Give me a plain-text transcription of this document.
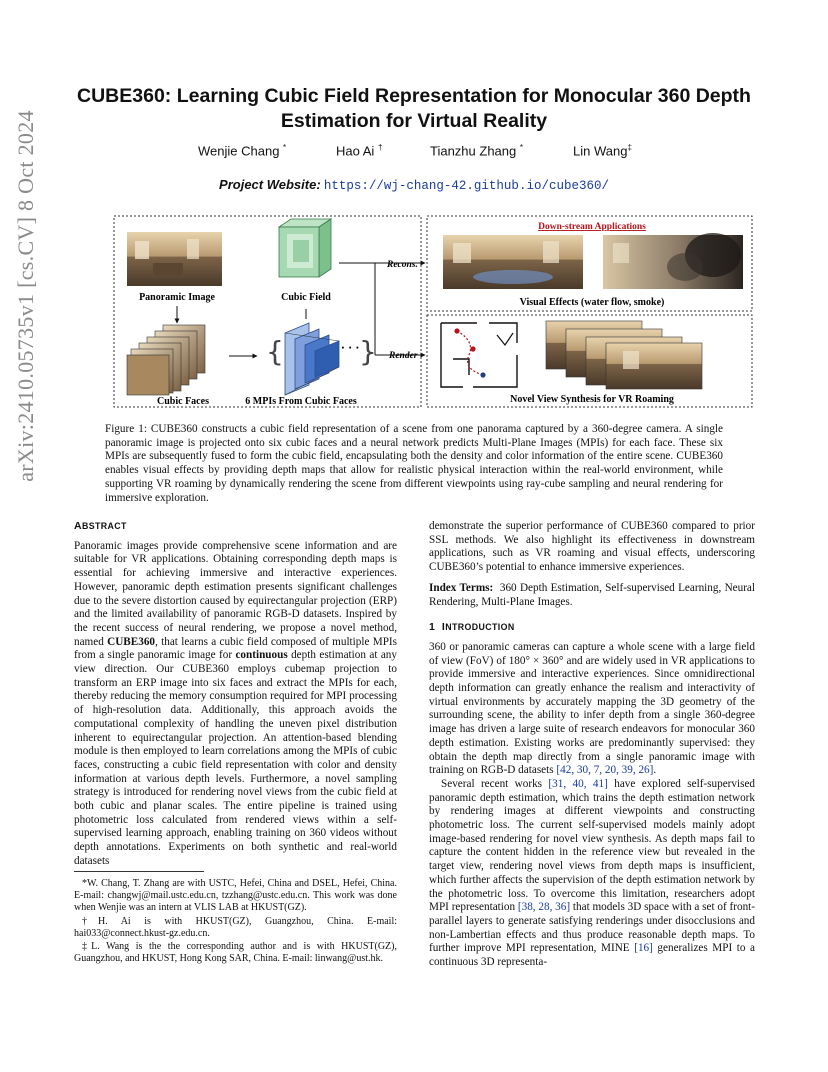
arXiv:2410.05735v1 [cs.CV] 8 Oct 2024
CUBE360: Learning Cubic Field Representation for Monocular 360 Depth Estimation for Virtual Reality
Wenjie Chang *	Hao Ai †	Tianzhu Zhang *	Lin Wang‡
Project Website: https://wj-chang-42.github.io/cube360/
Panoramic Image	Cubic Field
Cubic Faces
{	· · · }
6 MPIs From Cubic Faces
Recons.
Render
Down-stream Applications
Visual Effects (water flow, smoke)
Novel View Synthesis for VR Roaming

Figure 1: CUBE360 constructs a cubic field representation of a scene from one panorama captured by a 360-degree camera. A single panoramic image is projected onto six cubic faces and a neural network predicts Multi-Plane Images (MPIs) for each face. These six MPIs are subsequently fused to form the cubic field, encapsulating both the density and color information of the entire scene. CUBE360 enables visual effects by providing depth maps that allow for realistic physical interaction within the real-world environment, while supporting VR roaming by dynamically rendering the scene from different viewpoints using ray-cube sampling and neural rendering for immersive exploration.

ABSTRACT

Panoramic images provide comprehensive scene information and are suitable for VR applications. Obtaining corresponding depth maps is essential for achieving immersive and interactive experiences. However, panoramic depth estimation presents significant challenges due to the severe distortion caused by equirectangular projection (ERP) and the limited availability of panoramic RGB-D datasets. Inspired by the recent success of neural rendering, we propose a novel method, named CUBE360, that learns a cubic field composed of multiple MPIs from a single panoramic image for continuous depth estimation at any view direction. Our CUBE360 employs cubemap projection to transform an ERP image into six faces and extract the MPIs for each, thereby reducing the memory consumption required for MPI processing of high-resolution data. Additionally, this approach avoids the computational complexity of handling the uneven pixel distribution inherent to equirectangular projection. An attention-based blending module is then employed to learn correlations among the MPIs of cubic faces, constructing a cubic field representation with color and density information at various depth levels. Furthermore, a novel sampling strategy is introduced for rendering novel views from the cubic field at both cubic and planar scales. The entire pipeline is trained using photometric loss calculated from rendered views within a self-supervised learning approach, enabling training on 360 videos without depth annotations. Experiments on both synthetic and real-world datasets

*W. Chang, T. Zhang are with USTC, Hefei, China and DSEL, Hefei, China. E-mail: changwj@mail.ustc.edu.cn, tzzhang@ustc.edu.cn. This work was done when Wenjie was an intern at VLIS LAB at HKUST(GZ).

†H. Ai is with HKUST(GZ), Guangzhou, China. E-mail: hai033@connect.hkust-gz.edu.cn.

‡L. Wang is the the corresponding author and is with HKUST(GZ), Guangzhou, and HKUST, Hong Kong SAR, China. E-mail: linwang@ust.hk.

demonstrate the superior performance of CUBE360 compared to prior SSL methods. We also highlight its effectiveness in downstream applications, such as VR roaming and visual effects, underscoring CUBE360’s potential to enhance immersive experiences.

Index Terms: 360 Depth Estimation, Self-supervised Learning, Neural Rendering, Multi-Plane Images.

1 INTRODUCTION

360 or panoramic cameras can capture a whole scene with a large field of view (FoV) of 180° × 360° and are widely used in VR applications to provide immersive and interactive experiences. Since omnidirectional depth information can greatly enhance the realism and interactivity of virtual environments by accurately mapping the 3D geometry of the surrounding scene, the ability to infer depth from a single 360-degree image has driven a large suite of research endeavors for monocular 360 depth estimation. Existing works are predominantly supervised: they obtain the depth map directly from a single panoramic image with training on RGB-D datasets [42, 30, 7, 20, 39, 26].

Several recent works [31, 40, 41] have explored self-supervised panoramic depth estimation, which trains the depth estimation network by rendering images at different viewpoints and constructing photometric loss. The current self-supervised models mainly adopt image-based rendering for novel view synthesis. As depth maps fail to capture the content hidden in the reference view but revealed in the target view, rendering novel views from depth maps is insufficient, which further affects the supervision of the depth estimation network by the photometric loss. To overcome this limitation, researchers adopt MPI representation [38, 28, 36] that models 3D space with a set of front-parallel layers to generate satisfying renderings under disocclusions and non-Lambertian effects and thus produce reasonable depth maps. To further improve MPI representation, MINE [16] generalizes MPI to a continuous 3D representa-
